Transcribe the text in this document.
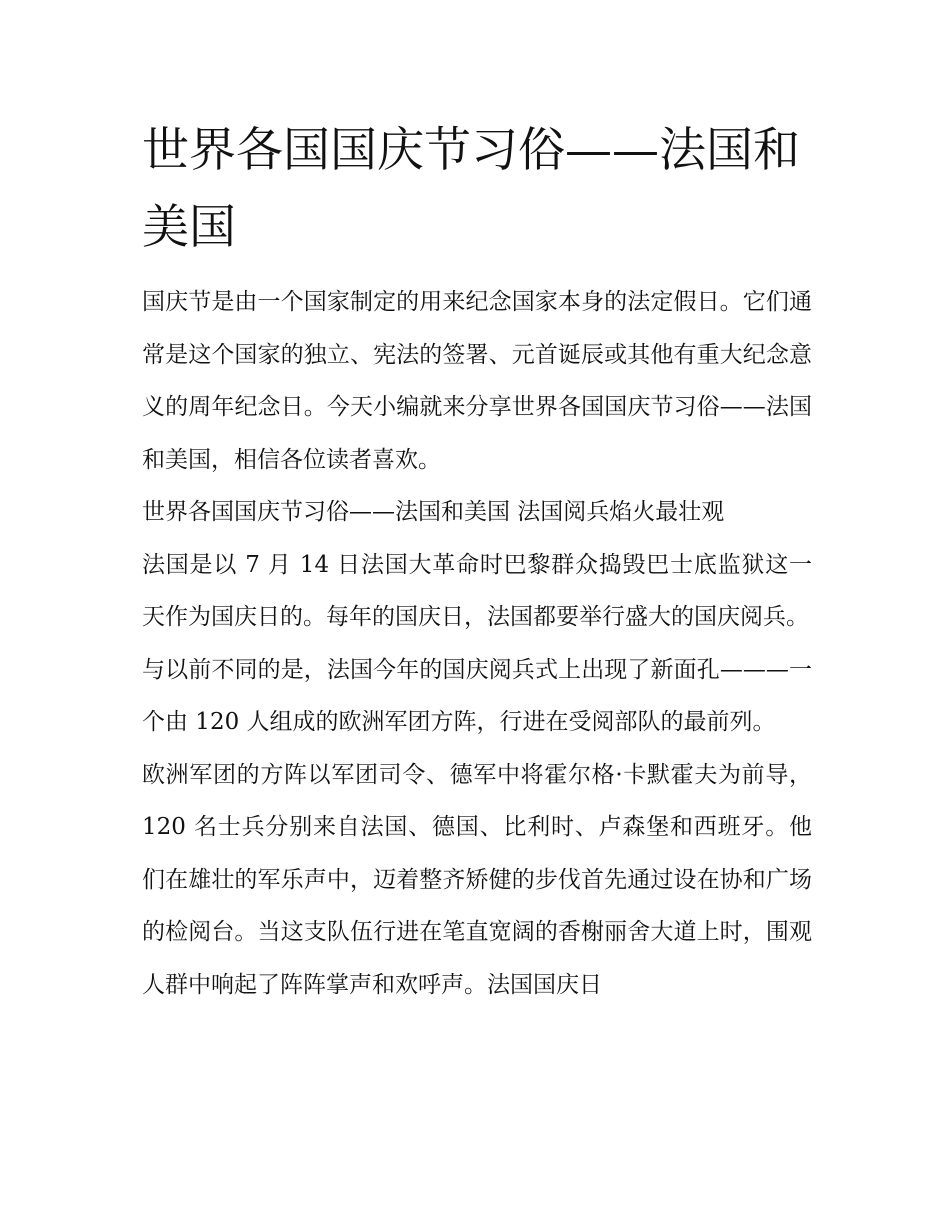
世界各国国庆节习俗——法国和美国

国庆节是由一个国家制定的用来纪念国家本身的法定假日。它们通常是这个国家的独立、宪法的签署、元首诞辰或其他有重大纪念意义的周年纪念日。今天小编就来分享世界各国国庆节习俗——法国和美国，相信各位读者喜欢。

世界各国国庆节习俗——法国和美国 法国阅兵焰火最壮观

法国是以 7 月 14 日法国大革命时巴黎群众捣毁巴士底监狱这一天作为国庆日的。每年的国庆日，法国都要举行盛大的国庆阅兵。

与以前不同的是，法国今年的国庆阅兵式上出现了新面孔———一个由 120 人组成的欧洲军团方阵，行进在受阅部队的最前列。

欧洲军团的方阵以军团司令、德军中将霍尔格·卡默霍夫为前导，120 名士兵分别来自法国、德国、比利时、卢森堡和西班牙。他们在雄壮的军乐声中，迈着整齐矫健的步伐首先通过设在协和广场的检阅台。当这支队伍行进在笔直宽阔的香榭丽舍大道上时，围观人群中响起了阵阵掌声和欢呼声。法国国庆日
